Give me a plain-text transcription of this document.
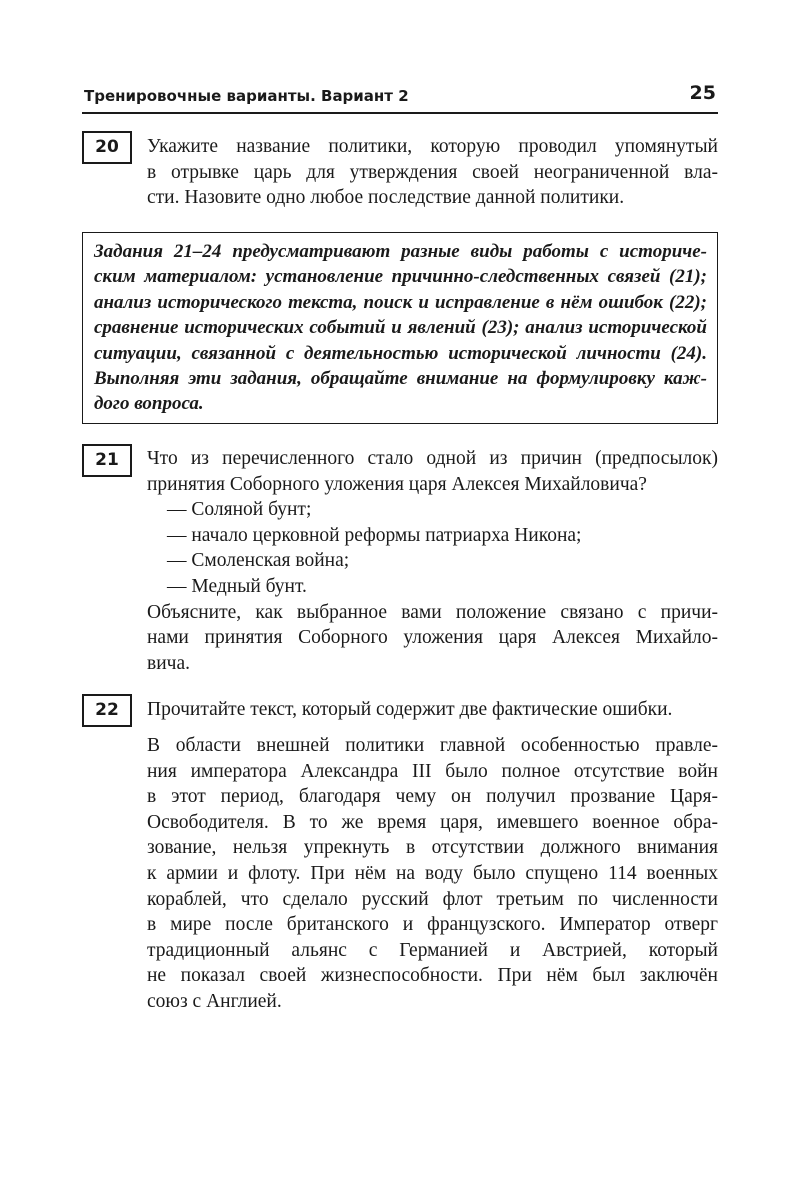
Тренировочные варианты. Вариант 2	25
20	Укажите название политики, которую проводил упомянутый
в отрывке царь для утверждения своей неограниченной вла-
сти. Назовите одно любое последствие данной политики.
Задания 21–24 предусматривают разные виды работы с историче-
ским материалом: установление причинно-следственных связей (21);
анализ исторического текста, поиск и исправление в нём ошибок (22);
сравнение исторических событий и явлений (23); анализ исторической
ситуации, связанной с деятельностью исторической личности (24).
Выполняя эти задания, обращайте внимание на формулировку каж-
дого вопроса.
21	Что из перечисленного стало одной из причин (предпосылок)
принятия Соборного уложения царя Алексея Михайловича?
— Соляной бунт;
— начало церковной реформы патриарха Никона;
— Смоленская война;
— Медный бунт.
Объясните, как выбранное вами положение связано с причи-
нами принятия Соборного уложения царя Алексея Михайло-
вича.
22	Прочитайте текст, который содержит две фактические ошибки.
В области внешней политики главной особенностью правле-
ния императора Александра III было полное отсутствие войн
в этот период, благодаря чему он получил прозвание Царя-
Освободителя. В то же время царя, имевшего военное обра-
зование, нельзя упрекнуть в отсутствии должного внимания
к армии и флоту. При нём на воду было спущено 114 военных
кораблей, что сделало русский флот третьим по численности
в мире после британского и французского. Император отверг
традиционный альянс с Германией и Австрией, который
не показал своей жизнеспособности. При нём был заключён
союз с Англией.
